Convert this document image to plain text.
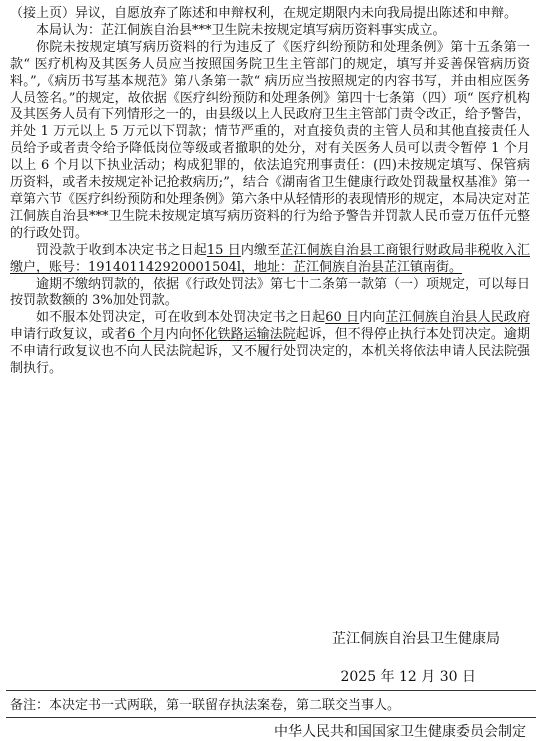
（接上页）异议，自愿放弃了陈述和申辩权利，在规定期限内未向我局提出陈述和申辩。

本局认为：芷江侗族自治县***卫生院未按规定填写病历资料事实成立。

你院未按规定填写病历资料的行为违反了《医疗纠纷预防和处理条例》第十五条第一款“ 医疗机构及其医务人员应当按照国务院卫生主管部门的规定，填写并妥善保管病历资料。”,《病历书写基本规范》第八条第一款“ 病历应当按照规定的内容书写，并由相应医务人员签名。”的规定，故依据《医疗纠纷预防和处理条例》第四十七条第（四）项“ 医疗机构及其医务人员有下列情形之一的，由县级以上人民政府卫生主管部门责令改正，给予警告，并处 1 万元以上 5 万元以下罚款；情节严重的，对直接负责的主管人员和其他直接责任人员给予或者责令给予降低岗位等级或者撤职的处分，对有关医务人员可以责令暂停 1 个月以上 6 个月以下执业活动；构成犯罪的，依法追究刑事责任：(四)未按规定填写、保管病历资料，或者未按规定补记抢救病历;”，结合《湖南省卫生健康行政处罚裁量权基准》第一章第六节《医疗纠纷预防和处理条例》第六条中从轻情形的表现情形的规定，本局决定对芷江侗族自治县***卫生院未按规定填写病历资料的行为给予警告并罚款人民币壹万伍仟元整的行政处罚。

罚没款于收到本决定书之日起15 日内缴至芷江侗族自治县工商银行财政局非税收入汇缴户，账号：191401142920001504l，地址：芷江侗族自治县芷江镇南街。

逾期不缴纳罚款的，依据《行政处罚法》第七十二条第一款第（一）项规定，可以每日按罚款数额的 3%加处罚款。

如不服本处罚决定，可在收到本处罚决定书之日起60 日内向芷江侗族自治县人民政府申请行政复议，或者6 个月内向怀化铁路运输法院起诉，但不得停止执行本处罚决定。逾期不申请行政复议也不向人民法院起诉，又不履行处罚决定的，本机关将依法申请人民法院强制执行。

芷江侗族自治县卫生健康局
2025 年 12 月 30 日
备注：本决定书一式两联，第一联留存执法案卷，第二联交当事人。
中华人民共和国国家卫生健康委员会制定
